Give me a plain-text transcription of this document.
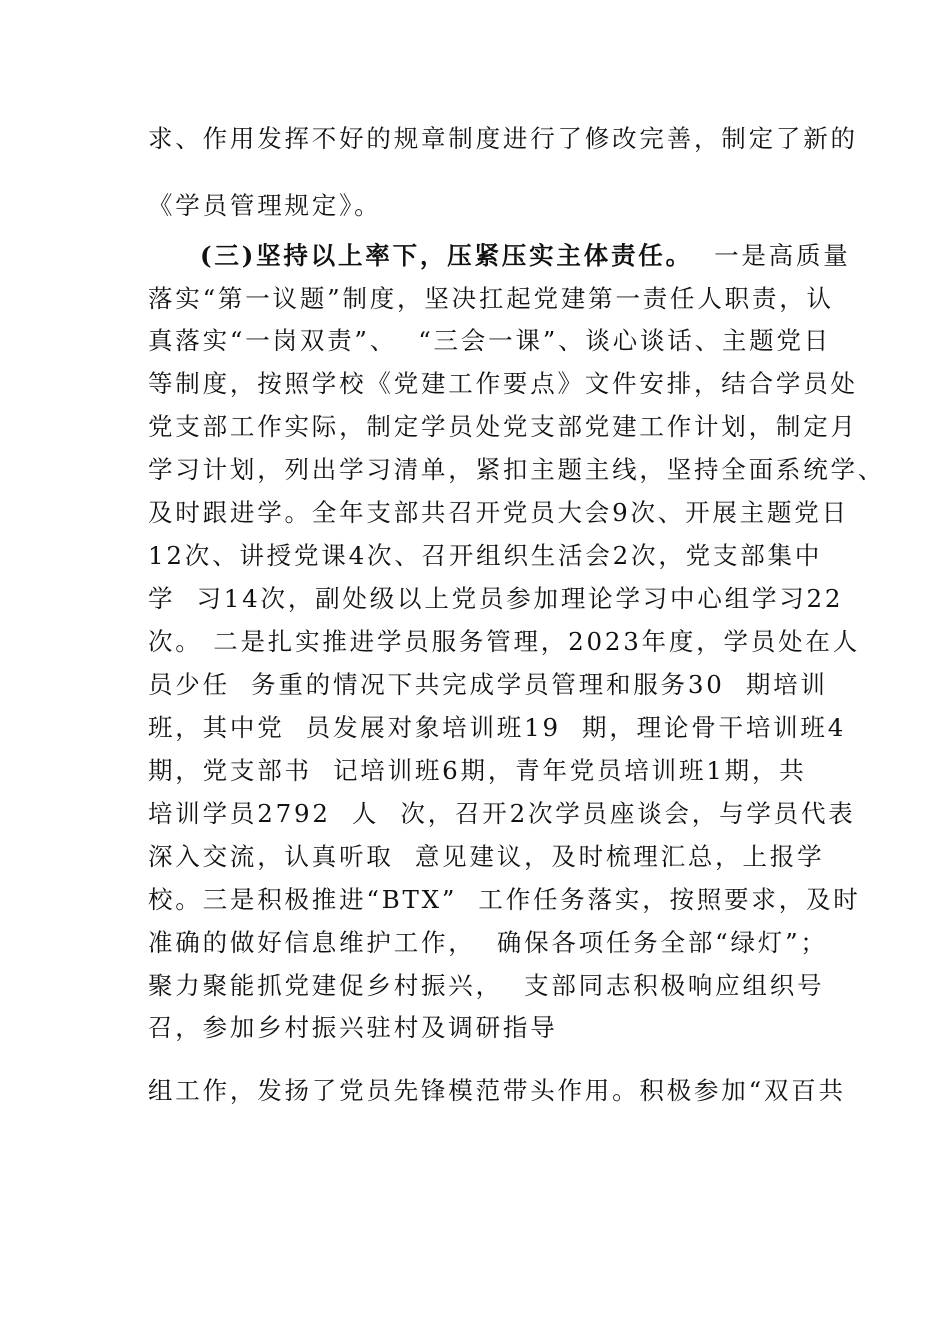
求、作用发挥不好的规章制度进行了修改完善，制定了新的
《学员管理规定》。
(三)坚持以上率下，压紧压实主体责任。 一是高质量
落实“第一议题”制度，坚决扛起党建第一责任人职责，认
真落实“一岗双责”、  “三会一课”、谈心谈话、主题党日
等制度，按照学校《党建工作要点》文件安排，结合学员处
党支部工作实际，制定学员处党支部党建工作计划，制定月
学习计划，列出学习清单，紧扣主题主线，坚持全面系统学、
及时跟进学。全年支部共召开党员大会9次、开展主题党日
12次、讲授党课4次、召开组织生活会2次，党支部集中
学  习14次，副处级以上党员参加理论学习中心组学习22
次。 二是扎实推进学员服务管理，2023年度，学员处在人
员少任  务重的情况下共完成学员管理和服务30  期培训
班，其中党  员发展对象培训班19  期，理论骨干培训班4
期，党支部书  记培训班6期，青年党员培训班1期，共
培训学员2792  人  次，召开2次学员座谈会，与学员代表
深入交流，认真听取  意见建议，及时梳理汇总，上报学
校。三是积极推进“BTX”  工作任务落实，按照要求，及时
准确的做好信息维护工作，  确保各项任务全部“绿灯”；
聚力聚能抓党建促乡村振兴，  支部同志积极响应组织号
召，参加乡村振兴驻村及调研指导
组工作，发扬了党员先锋模范带头作用。积极参加“双百共
